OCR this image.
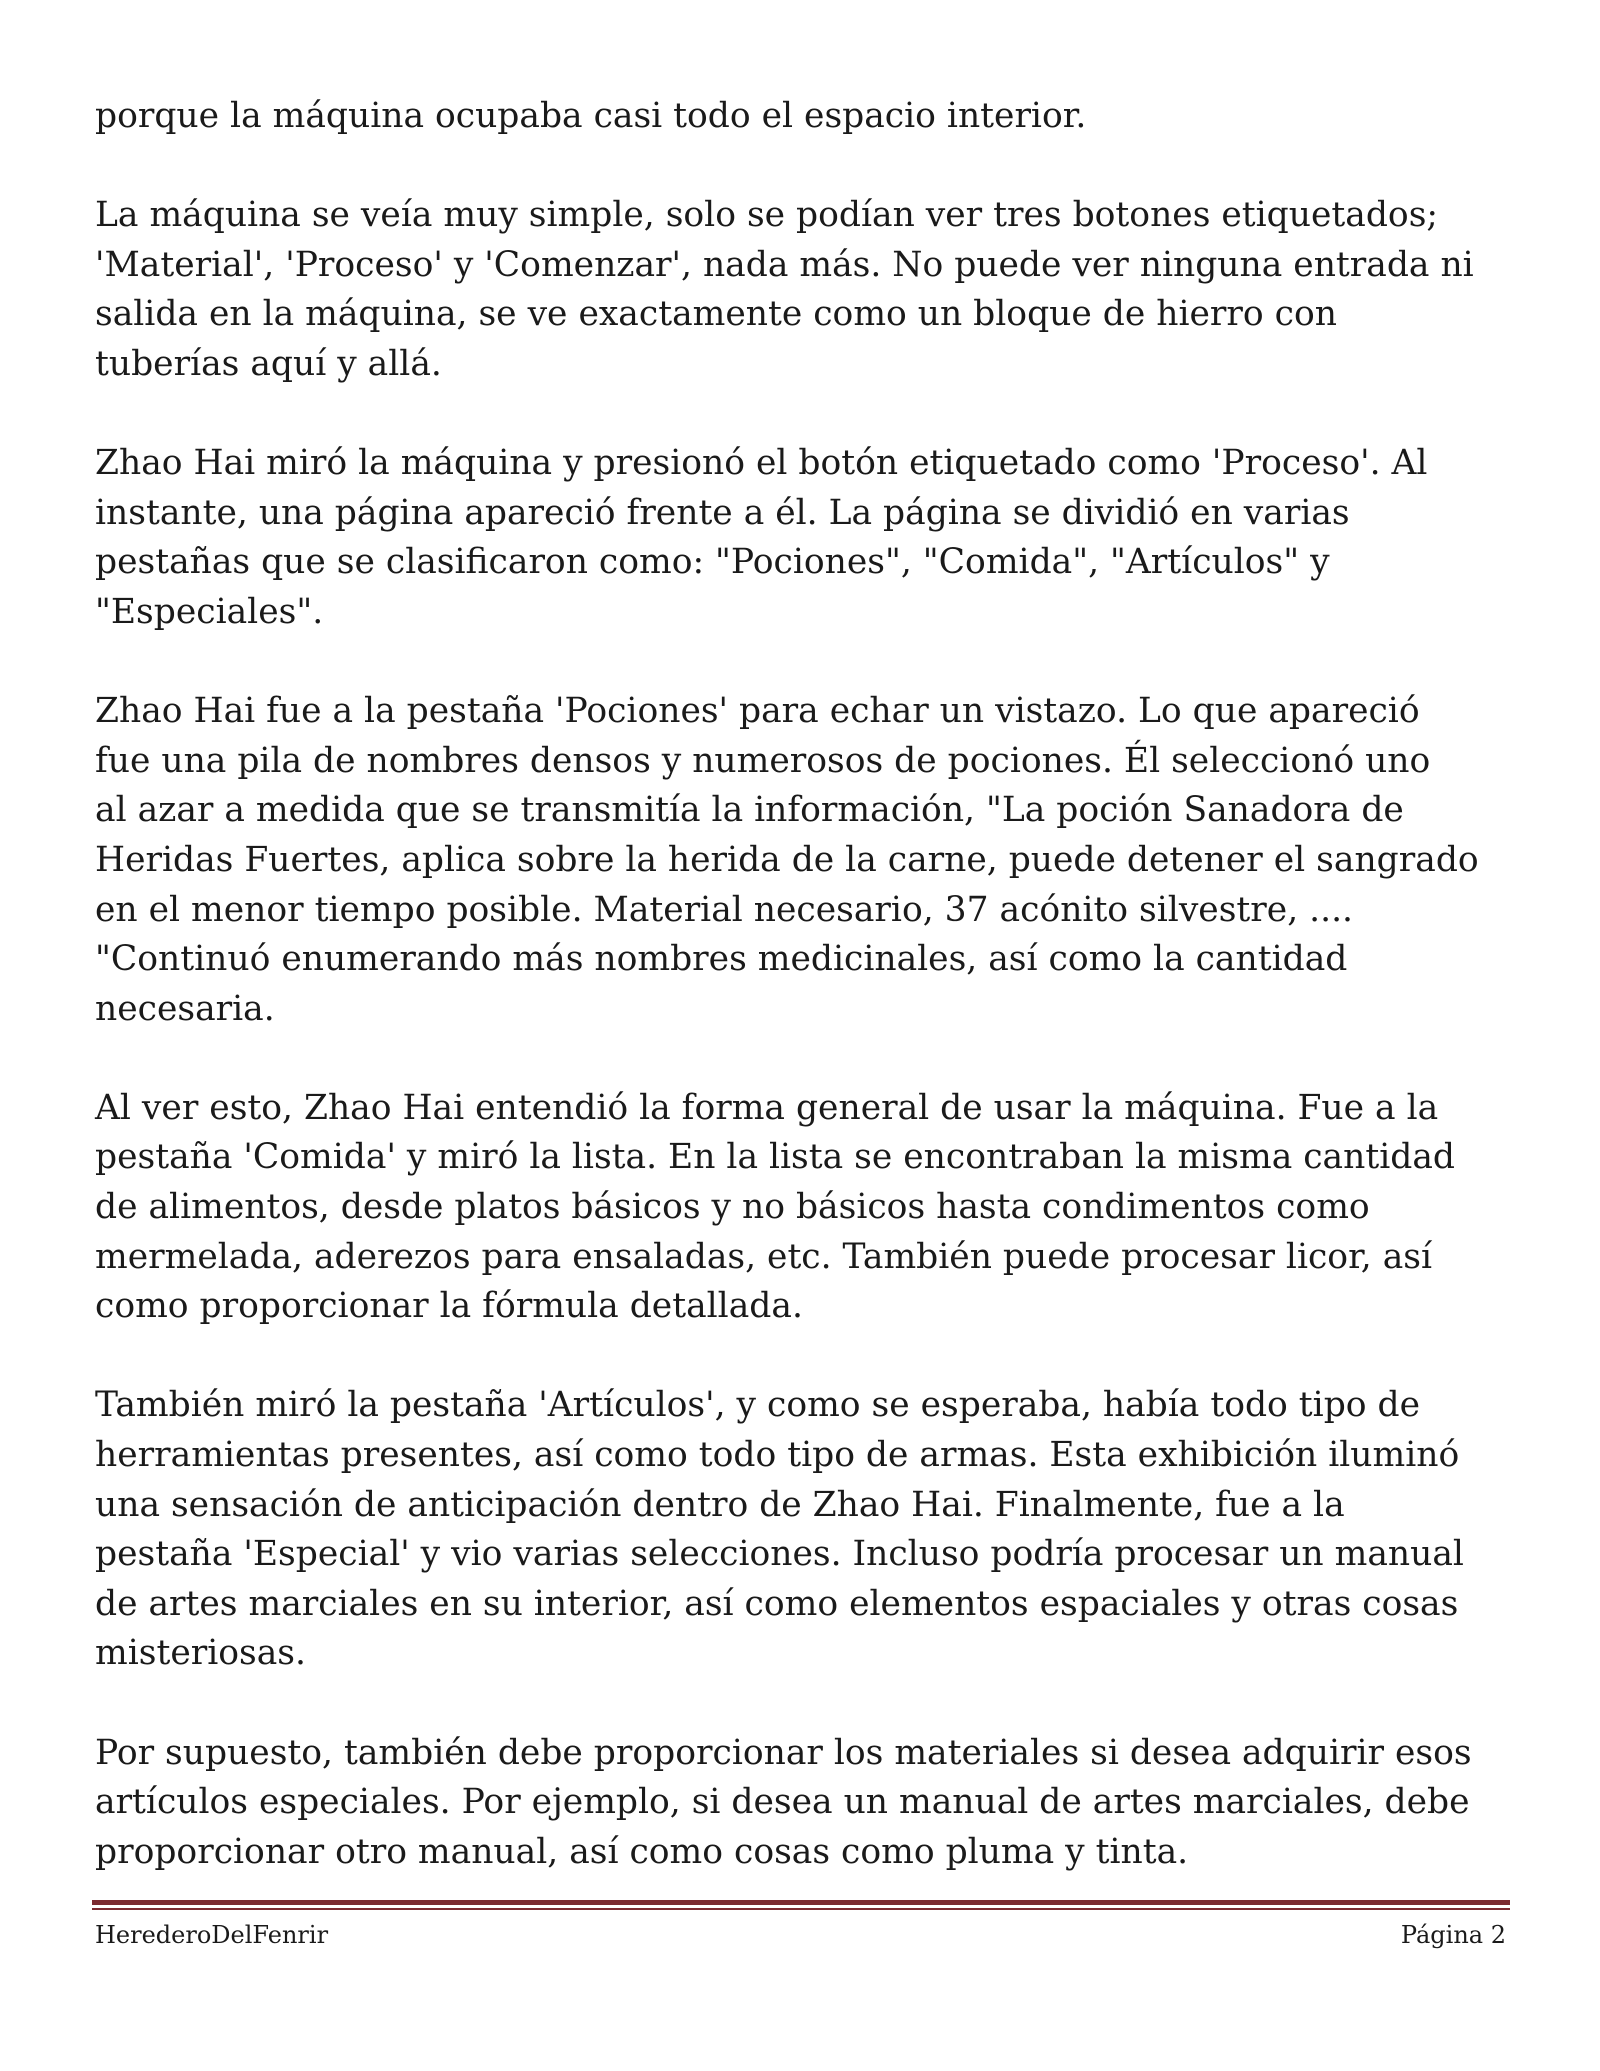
porque la máquina ocupaba casi todo el espacio interior.

La máquina se veía muy simple, solo se podían ver tres botones etiquetados;
'Material', 'Proceso' y 'Comenzar', nada más. No puede ver ninguna entrada ni
salida en la máquina, se ve exactamente como un bloque de hierro con
tuberías aquí y allá.

Zhao Hai miró la máquina y presionó el botón etiquetado como 'Proceso'. Al
instante, una página apareció frente a él. La página se dividió en varias
pestañas que se clasificaron como: "Pociones", "Comida", "Artículos" y
"Especiales".

Zhao Hai fue a la pestaña 'Pociones' para echar un vistazo. Lo que apareció
fue una pila de nombres densos y numerosos de pociones. Él seleccionó uno
al azar a medida que se transmitía la información, "La poción Sanadora de
Heridas Fuertes, aplica sobre la herida de la carne, puede detener el sangrado
en el menor tiempo posible. Material necesario, 37 acónito silvestre, ....
"Continuó enumerando más nombres medicinales, así como la cantidad
necesaria.

Al ver esto, Zhao Hai entendió la forma general de usar la máquina. Fue a la
pestaña 'Comida' y miró la lista. En la lista se encontraban la misma cantidad
de alimentos, desde platos básicos y no básicos hasta condimentos como
mermelada, aderezos para ensaladas, etc. También puede procesar licor, así
como proporcionar la fórmula detallada.

También miró la pestaña 'Artículos', y como se esperaba, había todo tipo de
herramientas presentes, así como todo tipo de armas. Esta exhibición iluminó
una sensación de anticipación dentro de Zhao Hai. Finalmente, fue a la
pestaña 'Especial' y vio varias selecciones. Incluso podría procesar un manual
de artes marciales en su interior, así como elementos espaciales y otras cosas
misteriosas.

Por supuesto, también debe proporcionar los materiales si desea adquirir esos
artículos especiales. Por ejemplo, si desea un manual de artes marciales, debe
proporcionar otro manual, así como cosas como pluma y tinta.

HerederoDelFenrir	Página 2
